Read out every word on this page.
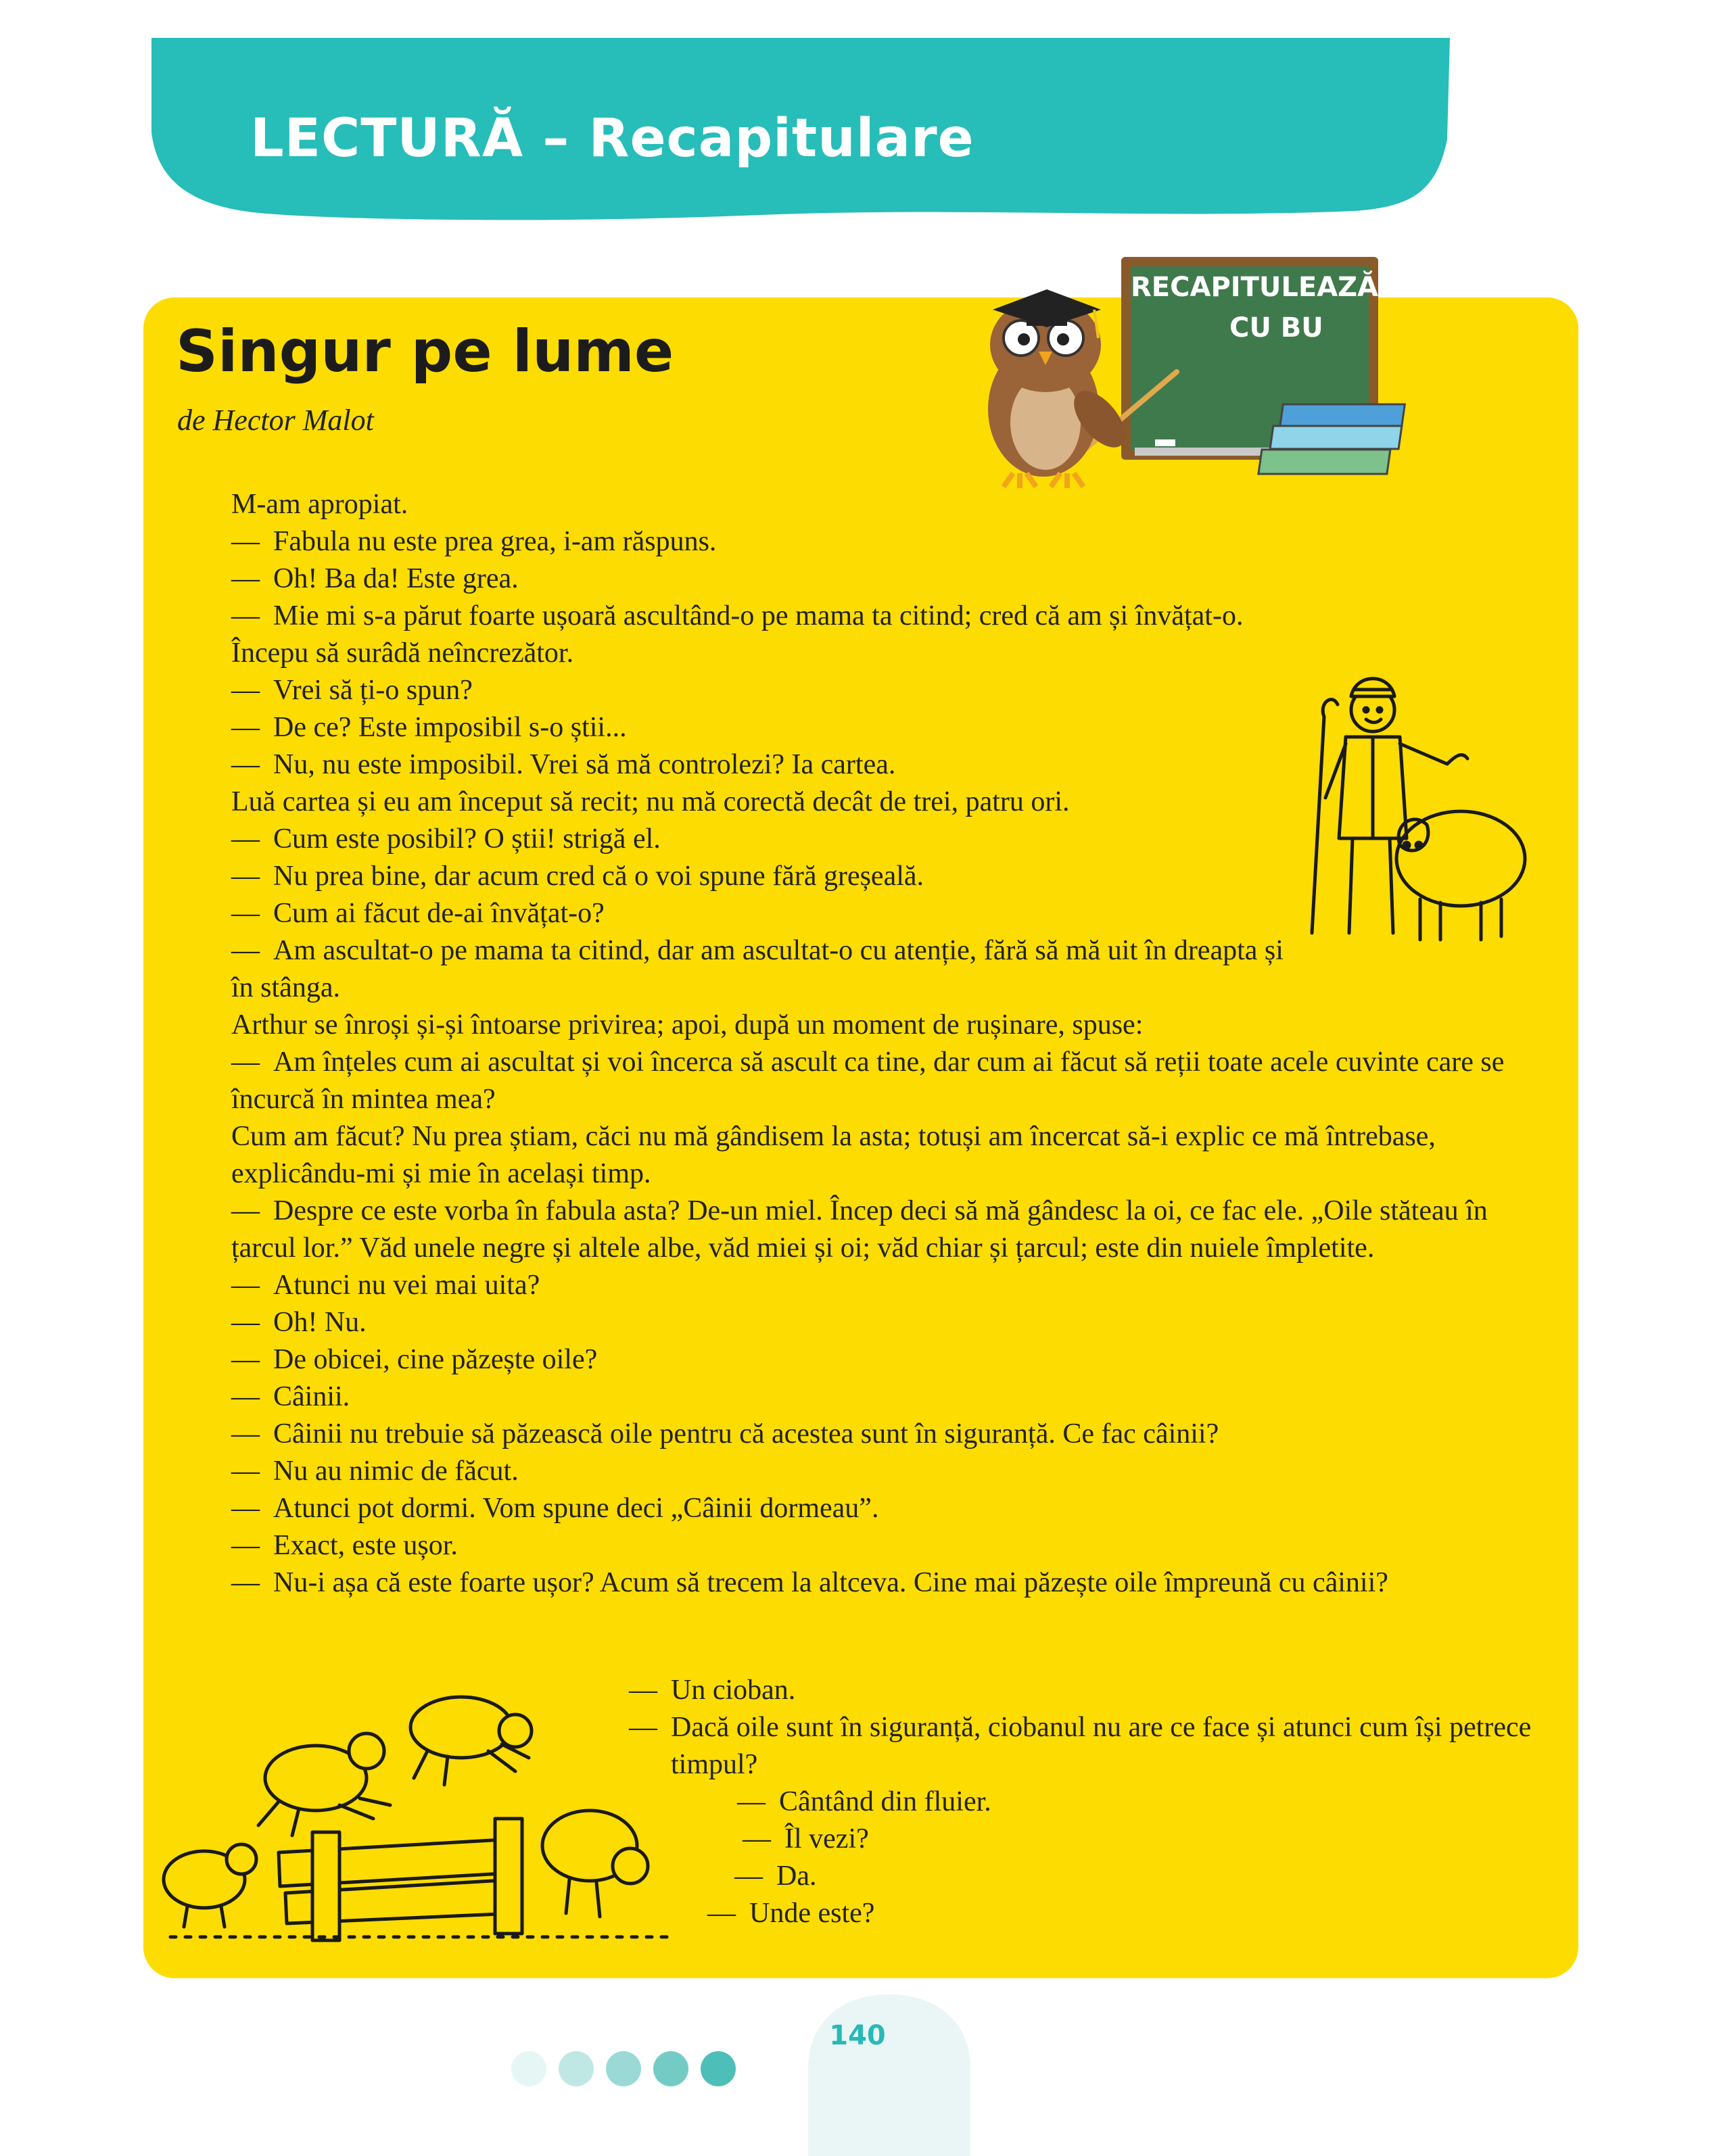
LECTURĂ – Recapitulare
Singur pe lume
de Hector Malot
RECAPITULEAZĂ
CU BU

M-am apropiat.

— Fabula nu este prea grea, i-am răspuns.

— Oh! Ba da! Este grea.

— Mie mi s-a părut foarte ușoară ascultând-o pe mama ta citind; cred că am și învățat-o.

Începu să surâdă neîncrezător.

— Vrei să ți-o spun?

— De ce? Este imposibil s-o știi...

— Nu, nu este imposibil. Vrei să mă controlezi? Ia cartea.

Luă cartea și eu am început să recit; nu mă corectă decât de trei, patru ori.

— Cum este posibil? O știi! strigă el.

— Nu prea bine, dar acum cred că o voi spune fără greșeală.

— Cum ai făcut de-ai învățat-o?

— Am ascultat-o pe mama ta citind, dar am ascultat-o cu atenție, fără să mă uit în dreapta și în stânga.

Arthur se înroși și-și întoarse privirea; apoi, după un moment de rușinare, spuse:

— Am înțeles cum ai ascultat și voi încerca să ascult ca tine, dar cum ai făcut să reții toate acele cuvinte care se încurcă în mintea mea?

Cum am făcut? Nu prea știam, căci nu mă gândisem la asta; totuși am încercat să-i explic ce mă întrebase, explicându-mi și mie în același timp.

— Despre ce este vorba în fabula asta? De-un miel. Încep deci să mă gândesc la oi, ce fac ele. „Oile stăteau în țarcul lor.” Văd unele negre și altele albe, văd miei și oi; văd chiar și țarcul; este din nuiele împletite.

— Atunci nu vei mai uita?

— Oh! Nu.

— De obicei, cine păzește oile?

— Câinii.

— Câinii nu trebuie să păzească oile pentru că acestea sunt în siguranță. Ce fac câinii?

— Nu au nimic de făcut.

— Atunci pot dormi. Vom spune deci „Câinii dormeau”.

— Exact, este ușor.

— Nu-i așa că este foarte ușor? Acum să trecem la altceva. Cine mai păzește oile împreună cu câinii?

— Un cioban.

— Dacă oile sunt în siguranță, ciobanul nu are ce face și atunci cum își petrece timpul?

— Cântând din fluier.

— Îl vezi?

— Da.

— Unde este?

140
